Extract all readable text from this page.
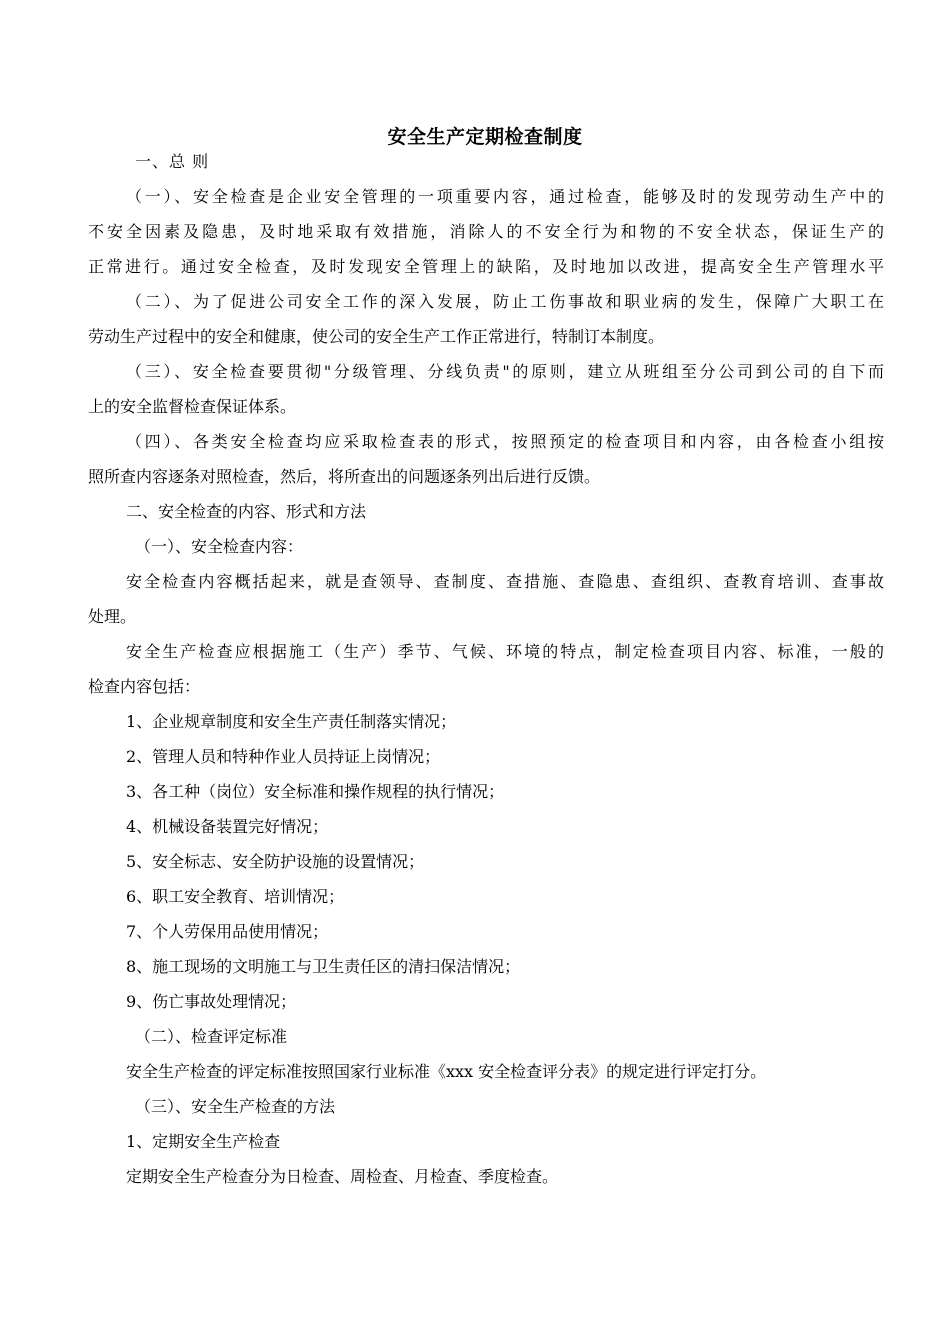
安全生产定期检查制度
一、总 则
（一）、安全检查是企业安全管理的一项重要内容，通过检查，能够及时的发现劳动生产中的
不安全因素及隐患，及时地采取有效措施，消除人的不安全行为和物的不安全状态，保证生产的
正常进行。通过安全检查，及时发现安全管理上的缺陷，及时地加以改进，提高安全生产管理水平
（二）、为了促进公司安全工作的深入发展，防止工伤事故和职业病的发生，保障广大职工在
劳动生产过程中的安全和健康，使公司的安全生产工作正常进行，特制订本制度。
（三）、安全检查要贯彻"分级管理、分线负责"的原则，建立从班组至分公司到公司的自下而
上的安全监督检查保证体系。
（四）、各类安全检查均应采取检查表的形式，按照预定的检查项目和内容，由各检查小组按
照所查内容逐条对照检查，然后，将所查出的问题逐条列出后进行反馈。
二、安全检查的内容、形式和方法
（一）、安全检查内容：
安全检查内容概括起来，就是查领导、查制度、查措施、查隐患、查组织、查教育培训、查事故
处理。
安全生产检查应根据施工（生产）季节、气候、环境的特点，制定检查项目内容、标准，一般的
检查内容包括：
1、企业规章制度和安全生产责任制落实情况；
2、管理人员和特种作业人员持证上岗情况；
3、各工种（岗位）安全标准和操作规程的执行情况；
4、机械设备装置完好情况；
5、安全标志、安全防护设施的设置情况；
6、职工安全教育、培训情况；
7、个人劳保用品使用情况；
8、施工现场的文明施工与卫生责任区的清扫保洁情况；
9、伤亡事故处理情况；
（二）、检查评定标准
安全生产检查的评定标准按照国家行业标准《xxx 安全检查评分表》的规定进行评定打分。
（三）、安全生产检查的方法
1、定期安全生产检查
定期安全生产检查分为日检查、周检查、月检查、季度检查。
